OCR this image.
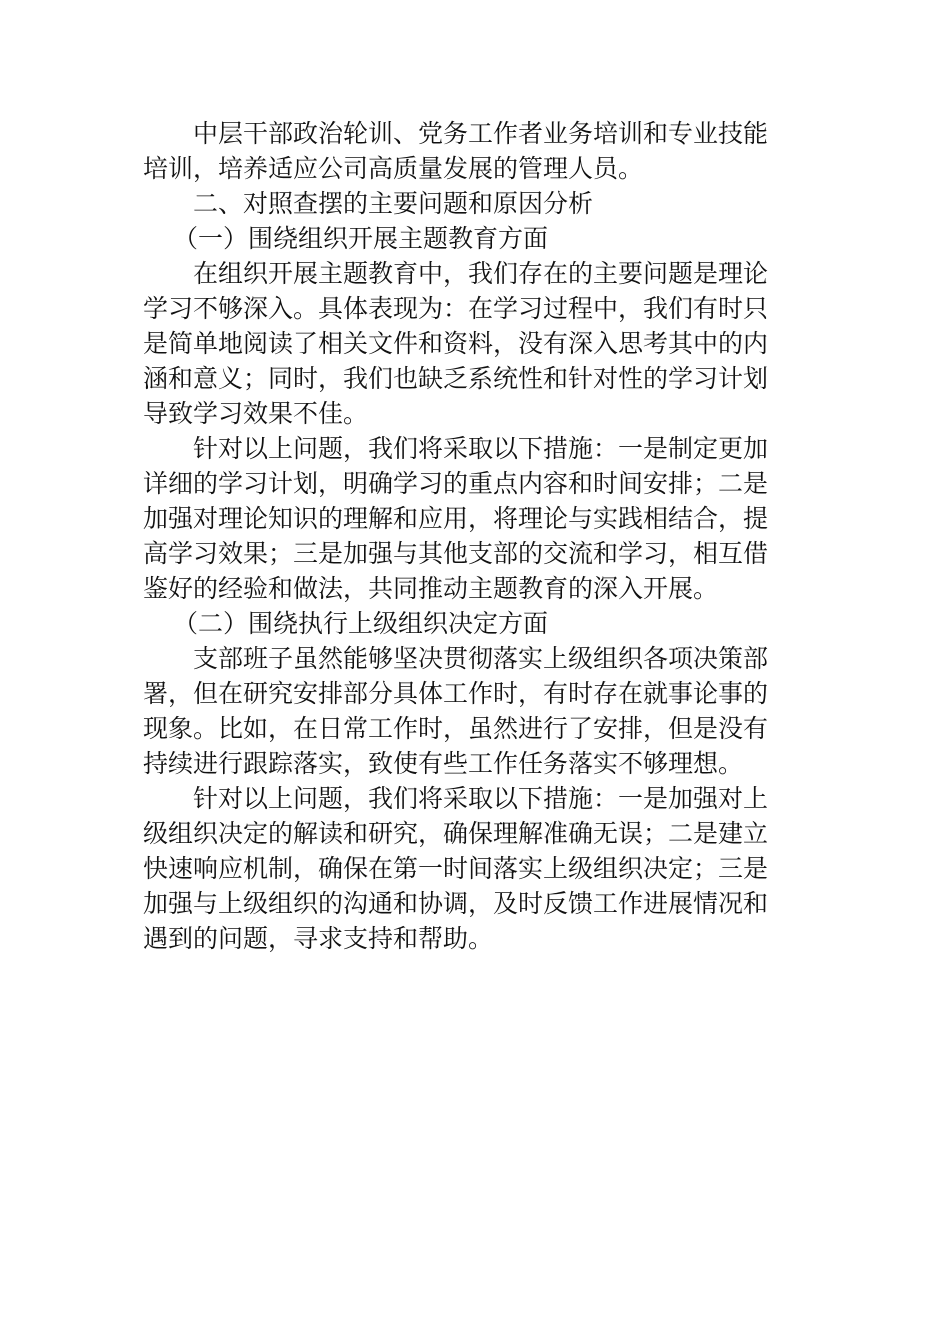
中层干部政治轮训、党务工作者业务培训和专业技能
培训，培养适应公司高质量发展的管理人员。
二、对照查摆的主要问题和原因分析
（一）围绕组织开展主题教育方面
在组织开展主题教育中，我们存在的主要问题是理论
学习不够深入。具体表现为：在学习过程中，我们有时只
是简单地阅读了相关文件和资料，没有深入思考其中的内
涵和意义；同时，我们也缺乏系统性和针对性的学习计划
导致学习效果不佳。
针对以上问题，我们将采取以下措施：一是制定更加
详细的学习计划，明确学习的重点内容和时间安排；二是
加强对理论知识的理解和应用，将理论与实践相结合，提
高学习效果；三是加强与其他支部的交流和学习，相互借
鉴好的经验和做法，共同推动主题教育的深入开展。
（二）围绕执行上级组织决定方面
支部班子虽然能够坚决贯彻落实上级组织各项决策部
署，但在研究安排部分具体工作时，有时存在就事论事的
现象。比如，在日常工作时，虽然进行了安排，但是没有
持续进行跟踪落实，致使有些工作任务落实不够理想。
针对以上问题，我们将采取以下措施：一是加强对上
级组织决定的解读和研究，确保理解准确无误；二是建立
快速响应机制，确保在第一时间落实上级组织决定；三是
加强与上级组织的沟通和协调，及时反馈工作进展情况和
遇到的问题，寻求支持和帮助。
